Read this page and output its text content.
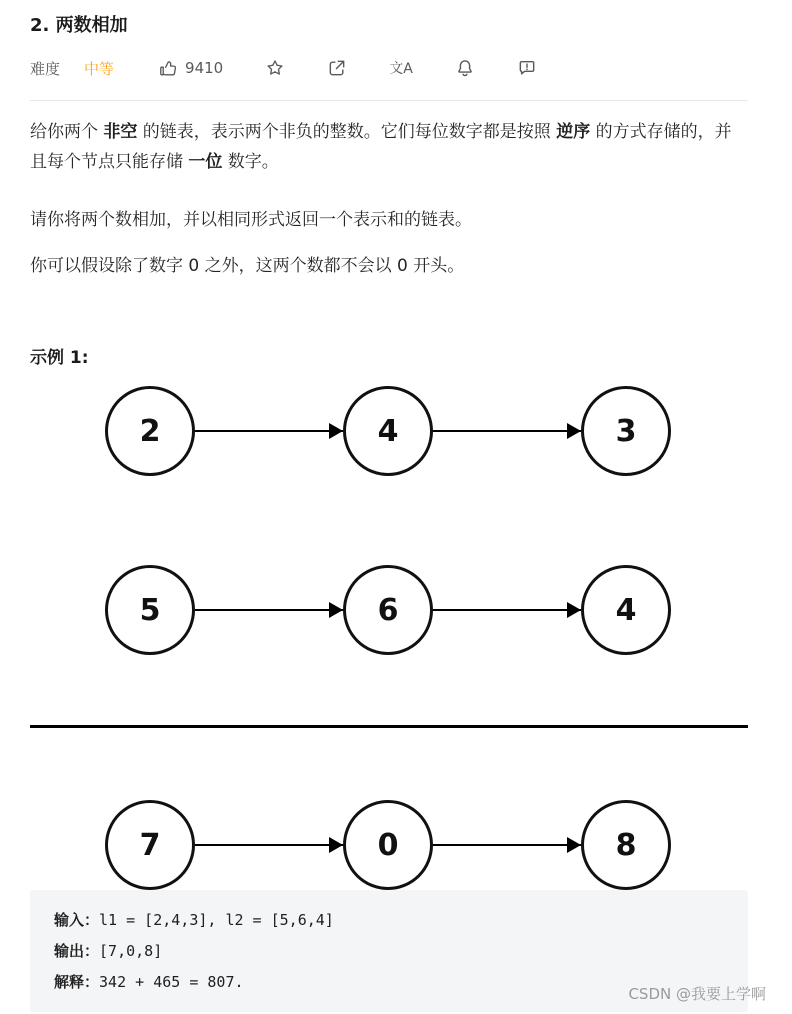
2. 两数相加
难度 中等	9410	文A

给你两个 非空 的链表，表示两个非负的整数。它们每位数字都是按照 逆序 的方式存储的，并且每个节点只能存储 一位 数字。

请你将两个数相加，并以相同形式返回一个表示和的链表。

你可以假设除了数字 0 之外，这两个数都不会以 0 开头。

示例 1:
2	4	3
5	6	4
7	0	8
输入：l1 = [2,4,3], l2 = [5,6,4]
输出：[7,0,8]
解释：342 + 465 = 807.
CSDN @我要上学啊
